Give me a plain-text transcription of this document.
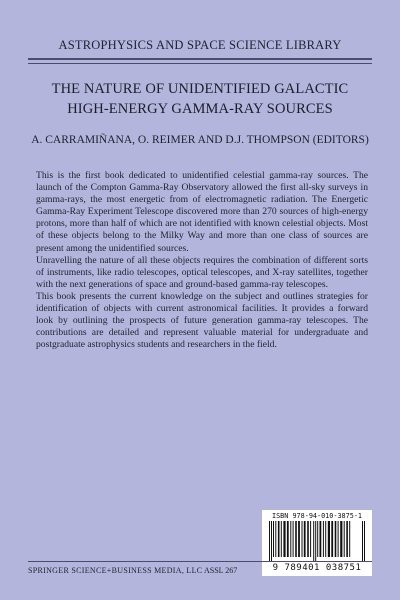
ASTROPHYSICS AND SPACE SCIENCE LIBRARY
THE NATURE OF UNIDENTIFIED GALACTIC
HIGH-ENERGY GAMMA-RAY SOURCES
A. CARRAMIÑANA, O. REIMER AND D.J. THOMPSON (EDITORS)

This is the first book dedicated to unidentified celestial gamma-ray sources. The launch of the Compton Gamma-Ray Observatory allowed the first all-sky surveys in gamma-rays, the most energetic from of electromagnetic radiation. The Energetic Gamma-Ray Experiment Telescope discovered more than 270 sources of high-energy protons, more than half of which are not identified with known celestial objects. Most of these objects belong to the Milky Way and more than one class of sources are present among the unidentified sources.

Unravelling the nature of all these objects requires the combination of different sorts of instruments, like radio telescopes, optical telescopes, and X-ray satellites, together with the next generations of space and ground-based gamma-ray telescopes.

This book presents the current knowledge on the subject and outlines strategies for identification of objects with current astronomical facilities. It provides a forward look by outlining the prospects of future generation gamma-ray telescopes. The contributions are detailed and represent valuable material for undergraduate and postgraduate astrophysics students and researchers in the field.

ISBN 978-94-010-3875-1
9 789401 038751
SPRINGER SCIENCE+BUSINESS MEDIA, LLC ASSL 267
